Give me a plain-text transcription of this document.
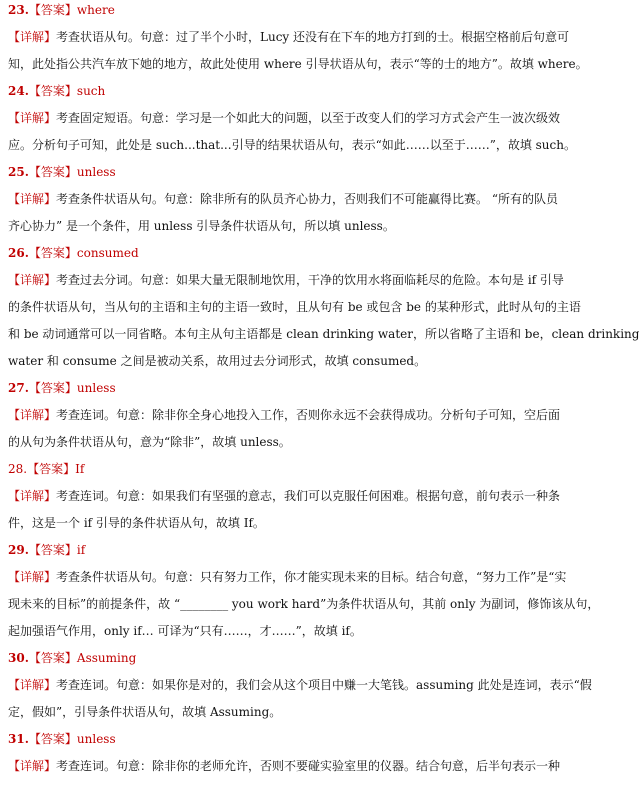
23.【答案】where
【详解】考查状语从句。句意：过了半个小时，Lucy 还没有在下车的地方打到的士。根据空格前后句意可
知，此处指公共汽车放下她的地方，故此处使用 where 引导状语从句，表示“等的士的地方”。故填 where。
24.【答案】such
【详解】考查固定短语。句意：学习是一个如此大的问题，以至于改变人们的学习方式会产生一波次级效
应。分析句子可知，此处是 such...that...引导的结果状语从句，表示“如此……以至于……”，故填 such。
25.【答案】unless
【详解】考查条件状语从句。句意：除非所有的队员齐心协力，否则我们不可能赢得比赛。 “所有的队员
齐心协力” 是一个条件，用 unless 引导条件状语从句，所以填 unless。
26.【答案】consumed
【详解】考查过去分词。句意：如果大量无限制地饮用，干净的饮用水将面临耗尽的危险。本句是 if 引导
的条件状语从句，当从句的主语和主句的主语一致时，且从句有 be 或包含 be 的某种形式，此时从句的主语
和 be 动词通常可以一同省略。本句主从句主语都是 clean drinking water，所以省略了主语和 be，clean drinking
water 和 consume 之间是被动关系，故用过去分词形式，故填 consumed。
27.【答案】unless
【详解】考查连词。句意：除非你全身心地投入工作，否则你永远不会获得成功。分析句子可知，空后面
的从句为条件状语从句，意为“除非”，故填 unless。
28.【答案】If
【详解】考查连词。句意：如果我们有坚强的意志，我们可以克服任何困难。根据句意，前句表示一种条
件，这是一个 if 引导的条件状语从句，故填 If。
29.【答案】if
【详解】考查条件状语从句。句意：只有努力工作，你才能实现未来的目标。结合句意，“努力工作”是“实
现未来的目标”的前提条件，故 “________ you work hard”为条件状语从句，其前 only 为副词，修饰该从句，
起加强语气作用，only if… 可译为“只有……，才……”，故填 if。
30.【答案】Assuming
【详解】考查连词。句意：如果你是对的，我们会从这个项目中赚一大笔钱。assuming 此处是连词，表示“假
定，假如”，引导条件状语从句，故填 Assuming。
31.【答案】unless
【详解】考查连词。句意：除非你的老师允许，否则不要碰实验室里的仪器。结合句意，后半句表示一种
